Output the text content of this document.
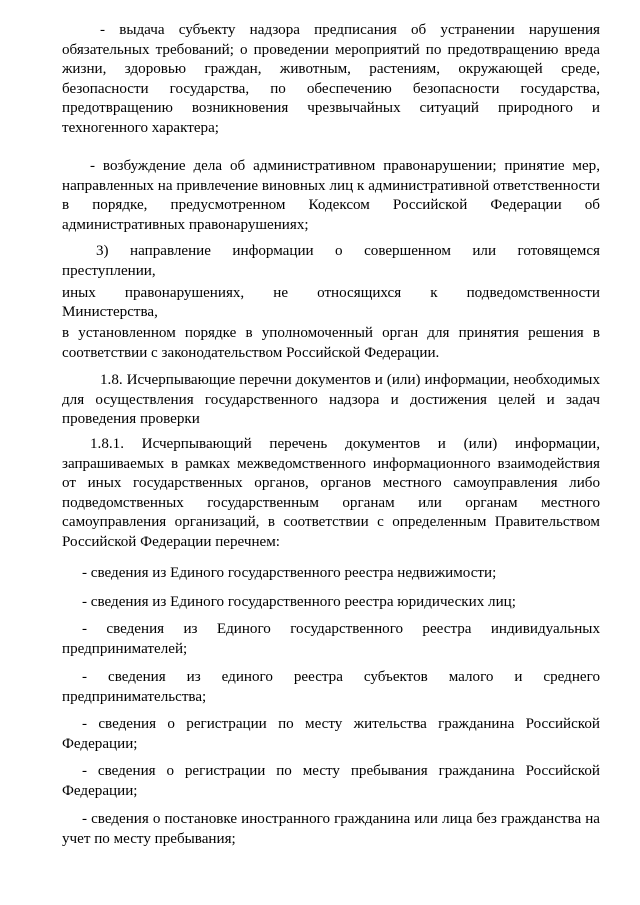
- выдача субъекту надзора предписания об устранении нарушения обязательных требований; о проведении мероприятий по предотвращению вреда жизни, здоровью граждан, животным, растениям, окружающей среде, безопасности государства, по обеспечению безопасности государства, предотвращению возникновения чрезвычайных ситуаций природного и техногенного характера;
- возбуждение дела об административном правонарушении; принятие мер, направленных на привлечение виновных лиц к административной ответственности в порядке, предусмотренном Кодексом Российской Федерации об административных правонарушениях;
3) направление информации о совершенном или готовящемся
преступлении,
иных правонарушениях, не относящихся к подведомственности
Министерства,
в установленном порядке в уполномоченный орган для принятия решения в соответствии с законодательством Российской Федерации.
1.8. Исчерпывающие перечни документов и (или) информации, необходимых для осуществления государственного надзора и достижения целей и задач проведения проверки
1.8.1. Исчерпывающий перечень документов и (или) информации, запрашиваемых в рамках межведомственного информационного взаимодействия от иных государственных органов, органов местного самоуправления либо подведомственных государственным органам или органам местного самоуправления организаций, в соответствии с определенным Правительством Российской Федерации перечнем:
- сведения из Единого государственного реестра недвижимости;
- сведения из Единого государственного реестра юридических лиц;
- сведения из Единого государственного реестра индивидуальных предпринимателей;
- сведения из единого реестра субъектов малого и среднего предпринимательства;
- сведения о регистрации по месту жительства гражданина Российской Федерации;
- сведения о регистрации по месту пребывания гражданина Российской Федерации;
- сведения о постановке иностранного гражданина или лица без гражданства на учет по месту пребывания;
